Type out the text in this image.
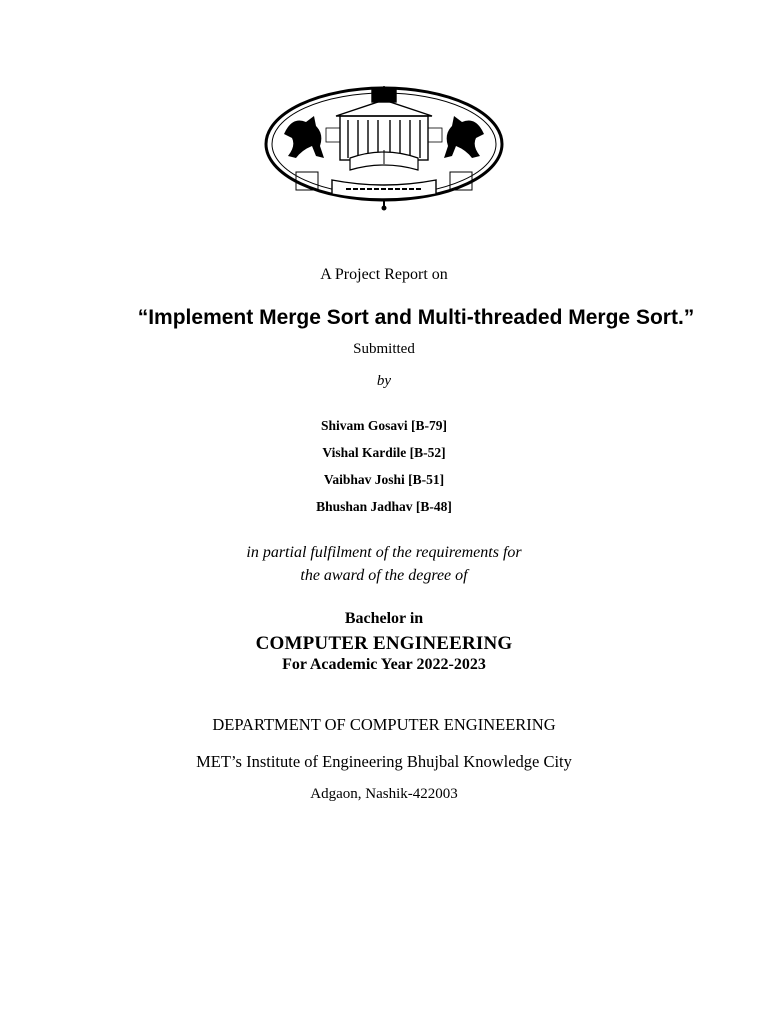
A Project Report on
“Implement Merge Sort and Multi-threaded Merge Sort.”
Submitted
by
Shivam Gosavi [B-79]
Vishal Kardile [B-52]
Vaibhav Joshi [B-51]
Bhushan Jadhav [B-48]
in partial fulfilment of the requirements for
the award of the degree of
Bachelor in
COMPUTER ENGINEERING
For Academic Year 2022-2023
DEPARTMENT OF COMPUTER ENGINEERING
MET’s Institute of Engineering Bhujbal Knowledge City
Adgaon, Nashik-422003
